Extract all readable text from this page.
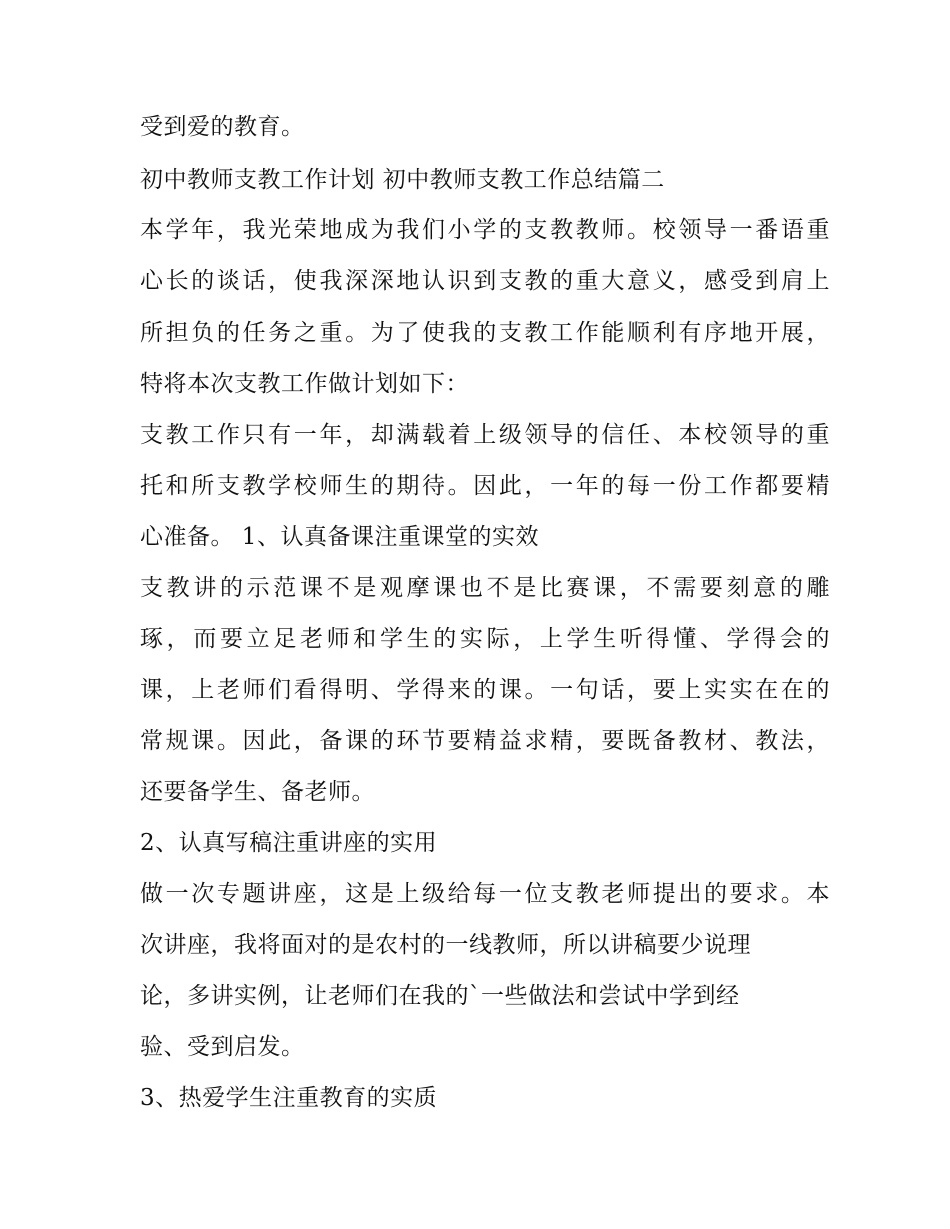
受到爱的教育。
初中教师支教工作计划 初中教师支教工作总结篇二
本学年，我光荣地成为我们小学的支教教师。校领导一番语重
心长的谈话，使我深深地认识到支教的重大意义，感受到肩上
所担负的任务之重。为了使我的支教工作能顺利有序地开展，
特将本次支教工作做计划如下：
支教工作只有一年，却满载着上级领导的信任、本校领导的重
托和所支教学校师生的期待。因此，一年的每一份工作都要精
心准备。 1、认真备课注重课堂的实效
支教讲的示范课不是观摩课也不是比赛课，不需要刻意的雕
琢，而要立足老师和学生的实际，上学生听得懂、学得会的
课，上老师们看得明、学得来的课。一句话，要上实实在在的
常规课。因此，备课的环节要精益求精，要既备教材、教法，
还要备学生、备老师。
2、认真写稿注重讲座的实用
做一次专题讲座，这是上级给每一位支教老师提出的要求。本
次讲座，我将面对的是农村的一线教师，所以讲稿要少说理
论，多讲实例，让老师们在我的`一些做法和尝试中学到经
验、受到启发。
3、热爱学生注重教育的实质
